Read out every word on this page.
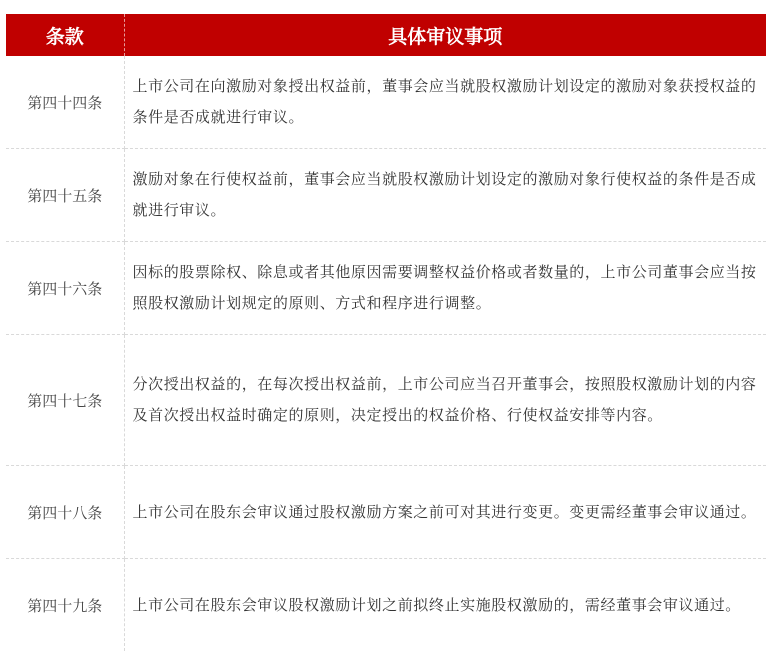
条款	具体审议事项
第四十四条	上市公司在向激励对象授出权益前，董事会应当就股权激励计划设定的激励对象获授权益的条件是否成就进行审议。
第四十五条	激励对象在行使权益前，董事会应当就股权激励计划设定的激励对象行使权益的条件是否成就进行审议。
第四十六条	因标的股票除权、除息或者其他原因需要调整权益价格或者数量的，上市公司董事会应当按照股权激励计划规定的原则、方式和程序进行调整。
第四十七条	分次授出权益的，在每次授出权益前，上市公司应当召开董事会，按照股权激励计划的内容及首次授出权益时确定的原则，决定授出的权益价格、行使权益安排等内容。
第四十八条	上市公司在股东会审议通过股权激励方案之前可对其进行变更。变更需经董事会审议通过。
第四十九条	上市公司在股东会审议股权激励计划之前拟终止实施股权激励的，需经董事会审议通过。
